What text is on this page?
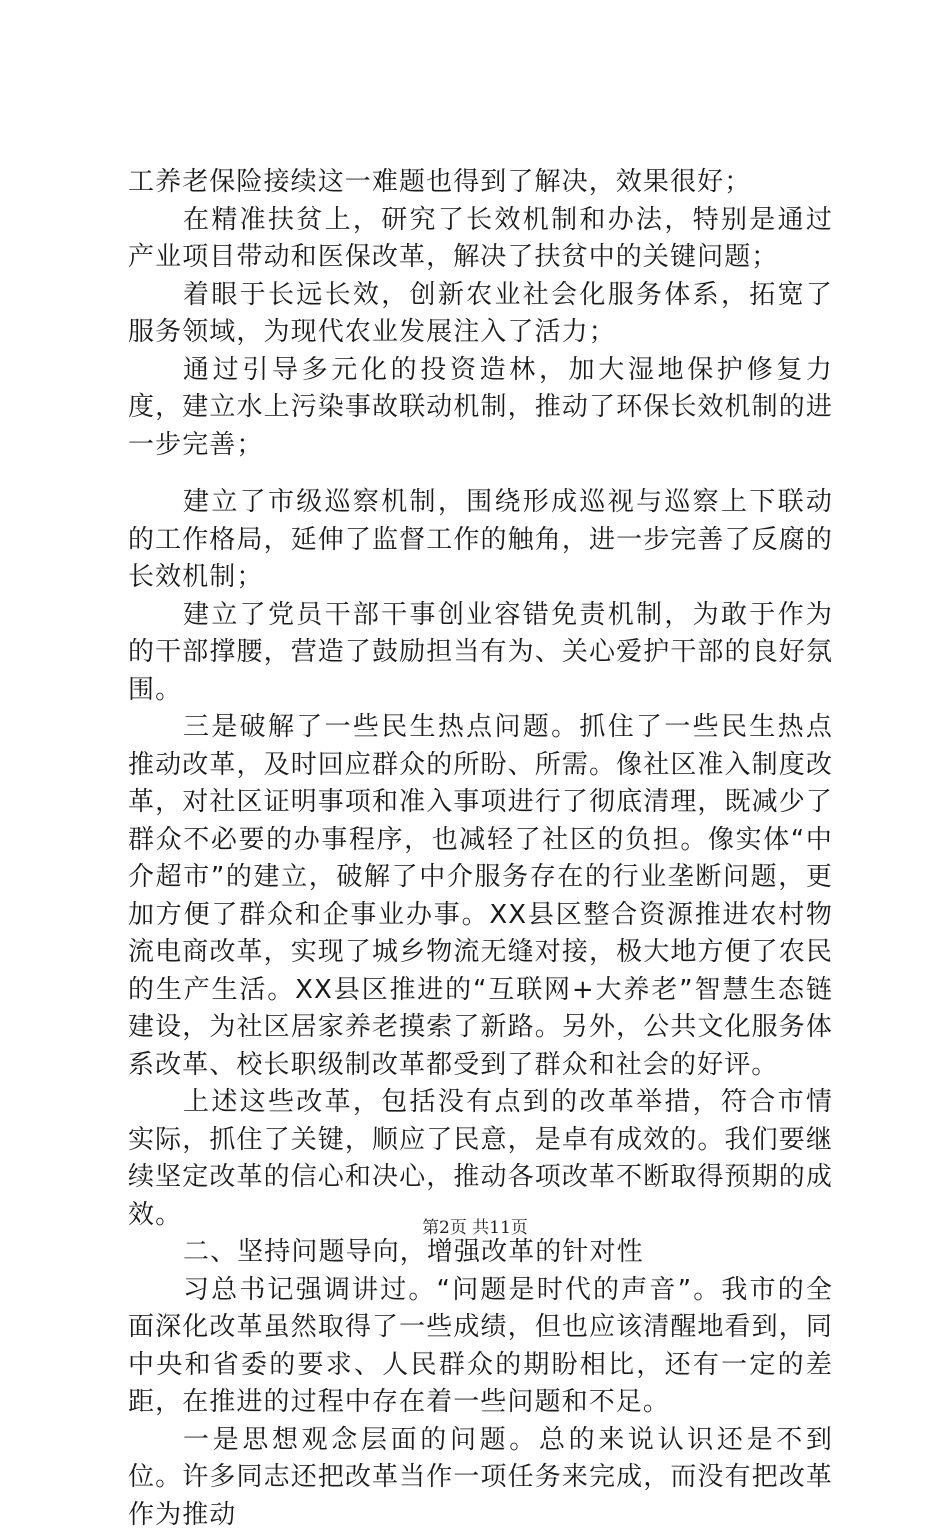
工养老保险接续这一难题也得到了解决，效果很好；

在精准扶贫上，研究了长效机制和办法，特别是通过产业项目带动和医保改革，解决了扶贫中的关键问题；

着眼于长远长效，创新农业社会化服务体系，拓宽了服务领域，为现代农业发展注入了活力；

通过引导多元化的投资造林，加大湿地保护修复力度，建立水上污染事故联动机制，推动了环保长效机制的进一步完善；

建立了市级巡察机制，围绕形成巡视与巡察上下联动的工作格局，延伸了监督工作的触角，进一步完善了反腐的长效机制；

建立了党员干部干事创业容错免责机制，为敢于作为的干部撑腰，营造了鼓励担当有为、关心爱护干部的良好氛围。

三是破解了一些民生热点问题。抓住了一些民生热点推动改革，及时回应群众的所盼、所需。像社区准入制度改革，对社区证明事项和准入事项进行了彻底清理，既减少了群众不必要的办事程序，也减轻了社区的负担。像实体“中介超市”的建立，破解了中介服务存在的行业垄断问题，更加方便了群众和企事业办事。XX县区整合资源推进农村物流电商改革，实现了城乡物流无缝对接，极大地方便了农民的生产生活。XX县区推进的“互联网+大养老”智慧生态链建设，为社区居家养老摸索了新路。另外，公共文化服务体系改革、校长职级制改革都受到了群众和社会的好评。

上述这些改革，包括没有点到的改革举措，符合市情实际，抓住了关键，顺应了民意，是卓有成效的。我们要继续坚定改革的信心和决心，推动各项改革不断取得预期的成效。

二、坚持问题导向，增强改革的针对性

习总书记强调讲过。“问题是时代的声音”。我市的全面深化改革虽然取得了一些成绩，但也应该清醒地看到，同中央和省委的要求、人民群众的期盼相比，还有一定的差距，在推进的过程中存在着一些问题和不足。

一是思想观念层面的问题。总的来说认识还是不到位。许多同志还把改革当作一项任务来完成，而没有把改革作为推动

第2页 共11页
